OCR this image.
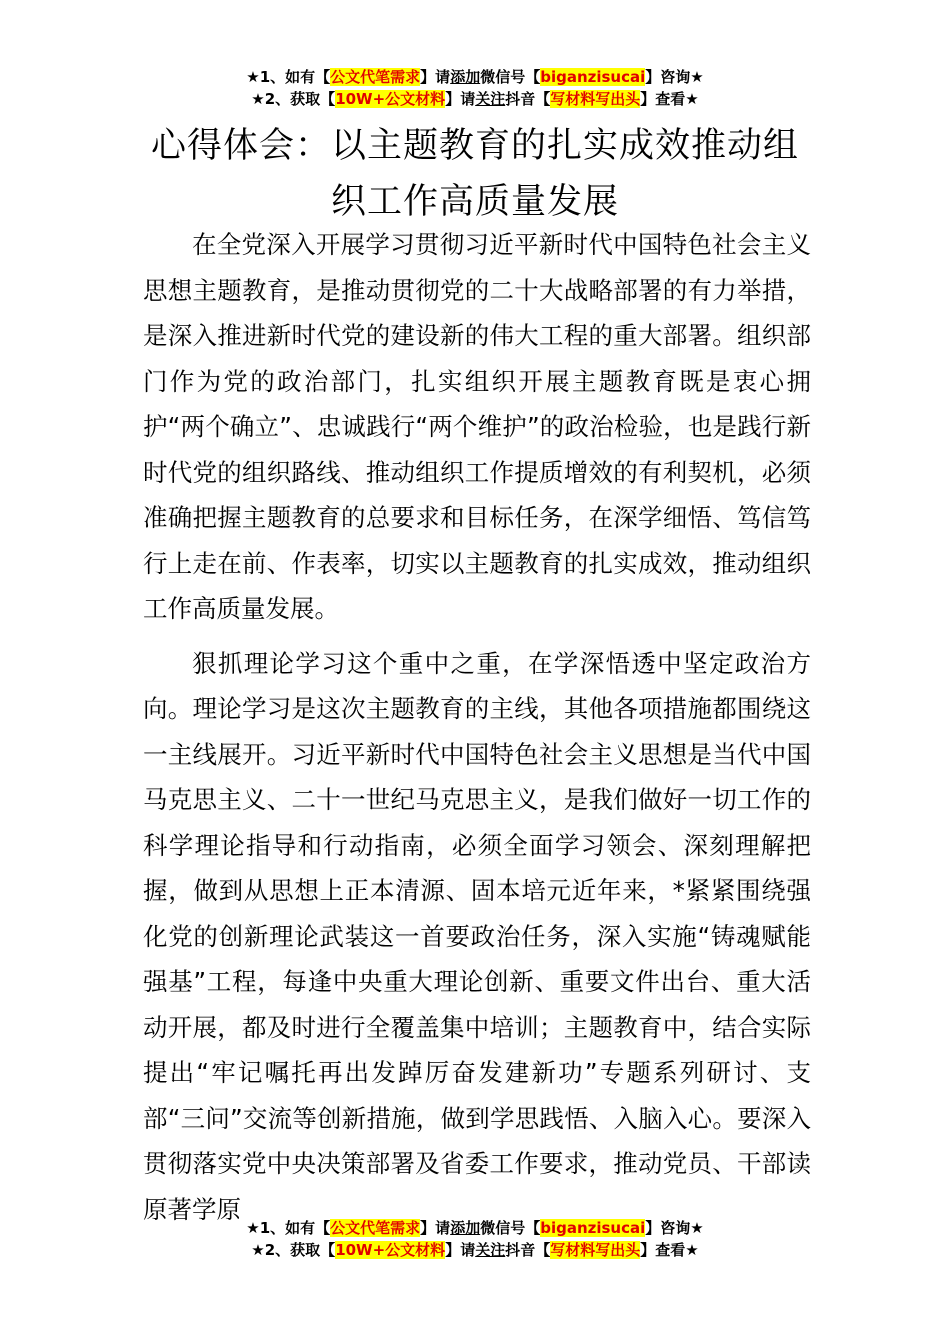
★1、如有【公文代笔需求】请添加微信号【biganzisucai】咨询★
★2、获取【10W+公文材料】请关注抖音【写材料写出头】查看★
心得体会：以主题教育的扎实成效推动组织工作高质量发展

在全党深入开展学习贯彻习近平新时代中国特色社会主义思想主题教育，是推动贯彻党的二十大战略部署的有力举措，是深入推进新时代党的建设新的伟大工程的重大部署。组织部门作为党的政治部门，扎实组织开展主题教育既是衷心拥护“两个确立”、忠诚践行“两个维护”的政治检验，也是践行新时代党的组织路线、推动组织工作提质增效的有利契机，必须准确把握主题教育的总要求和目标任务，在深学细悟、笃信笃行上走在前、作表率，切实以主题教育的扎实成效，推动组织工作高质量发展。

狠抓理论学习这个重中之重，在学深悟透中坚定政治方向。理论学习是这次主题教育的主线，其他各项措施都围绕这一主线展开。习近平新时代中国特色社会主义思想是当代中国马克思主义、二十一世纪马克思主义，是我们做好一切工作的科学理论指导和行动指南，必须全面学习领会、深刻理解把握，做到从思想上正本清源、固本培元近年来，*紧紧围绕强化党的创新理论武装这一首要政治任务，深入实施“铸魂赋能强基”工程，每逢中央重大理论创新、重要文件出台、重大活动开展，都及时进行全覆盖集中培训；主题教育中，结合实际提出“牢记嘱托再出发踔厉奋发建新功”专题系列研讨、支部“三问”交流等创新措施，做到学思践悟、入脑入心。要深入贯彻落实党中央决策部署及省委工作要求，推动党员、干部读原著学原

★1、如有【公文代笔需求】请添加微信号【biganzisucai】咨询★
★2、获取【10W+公文材料】请关注抖音【写材料写出头】查看★
